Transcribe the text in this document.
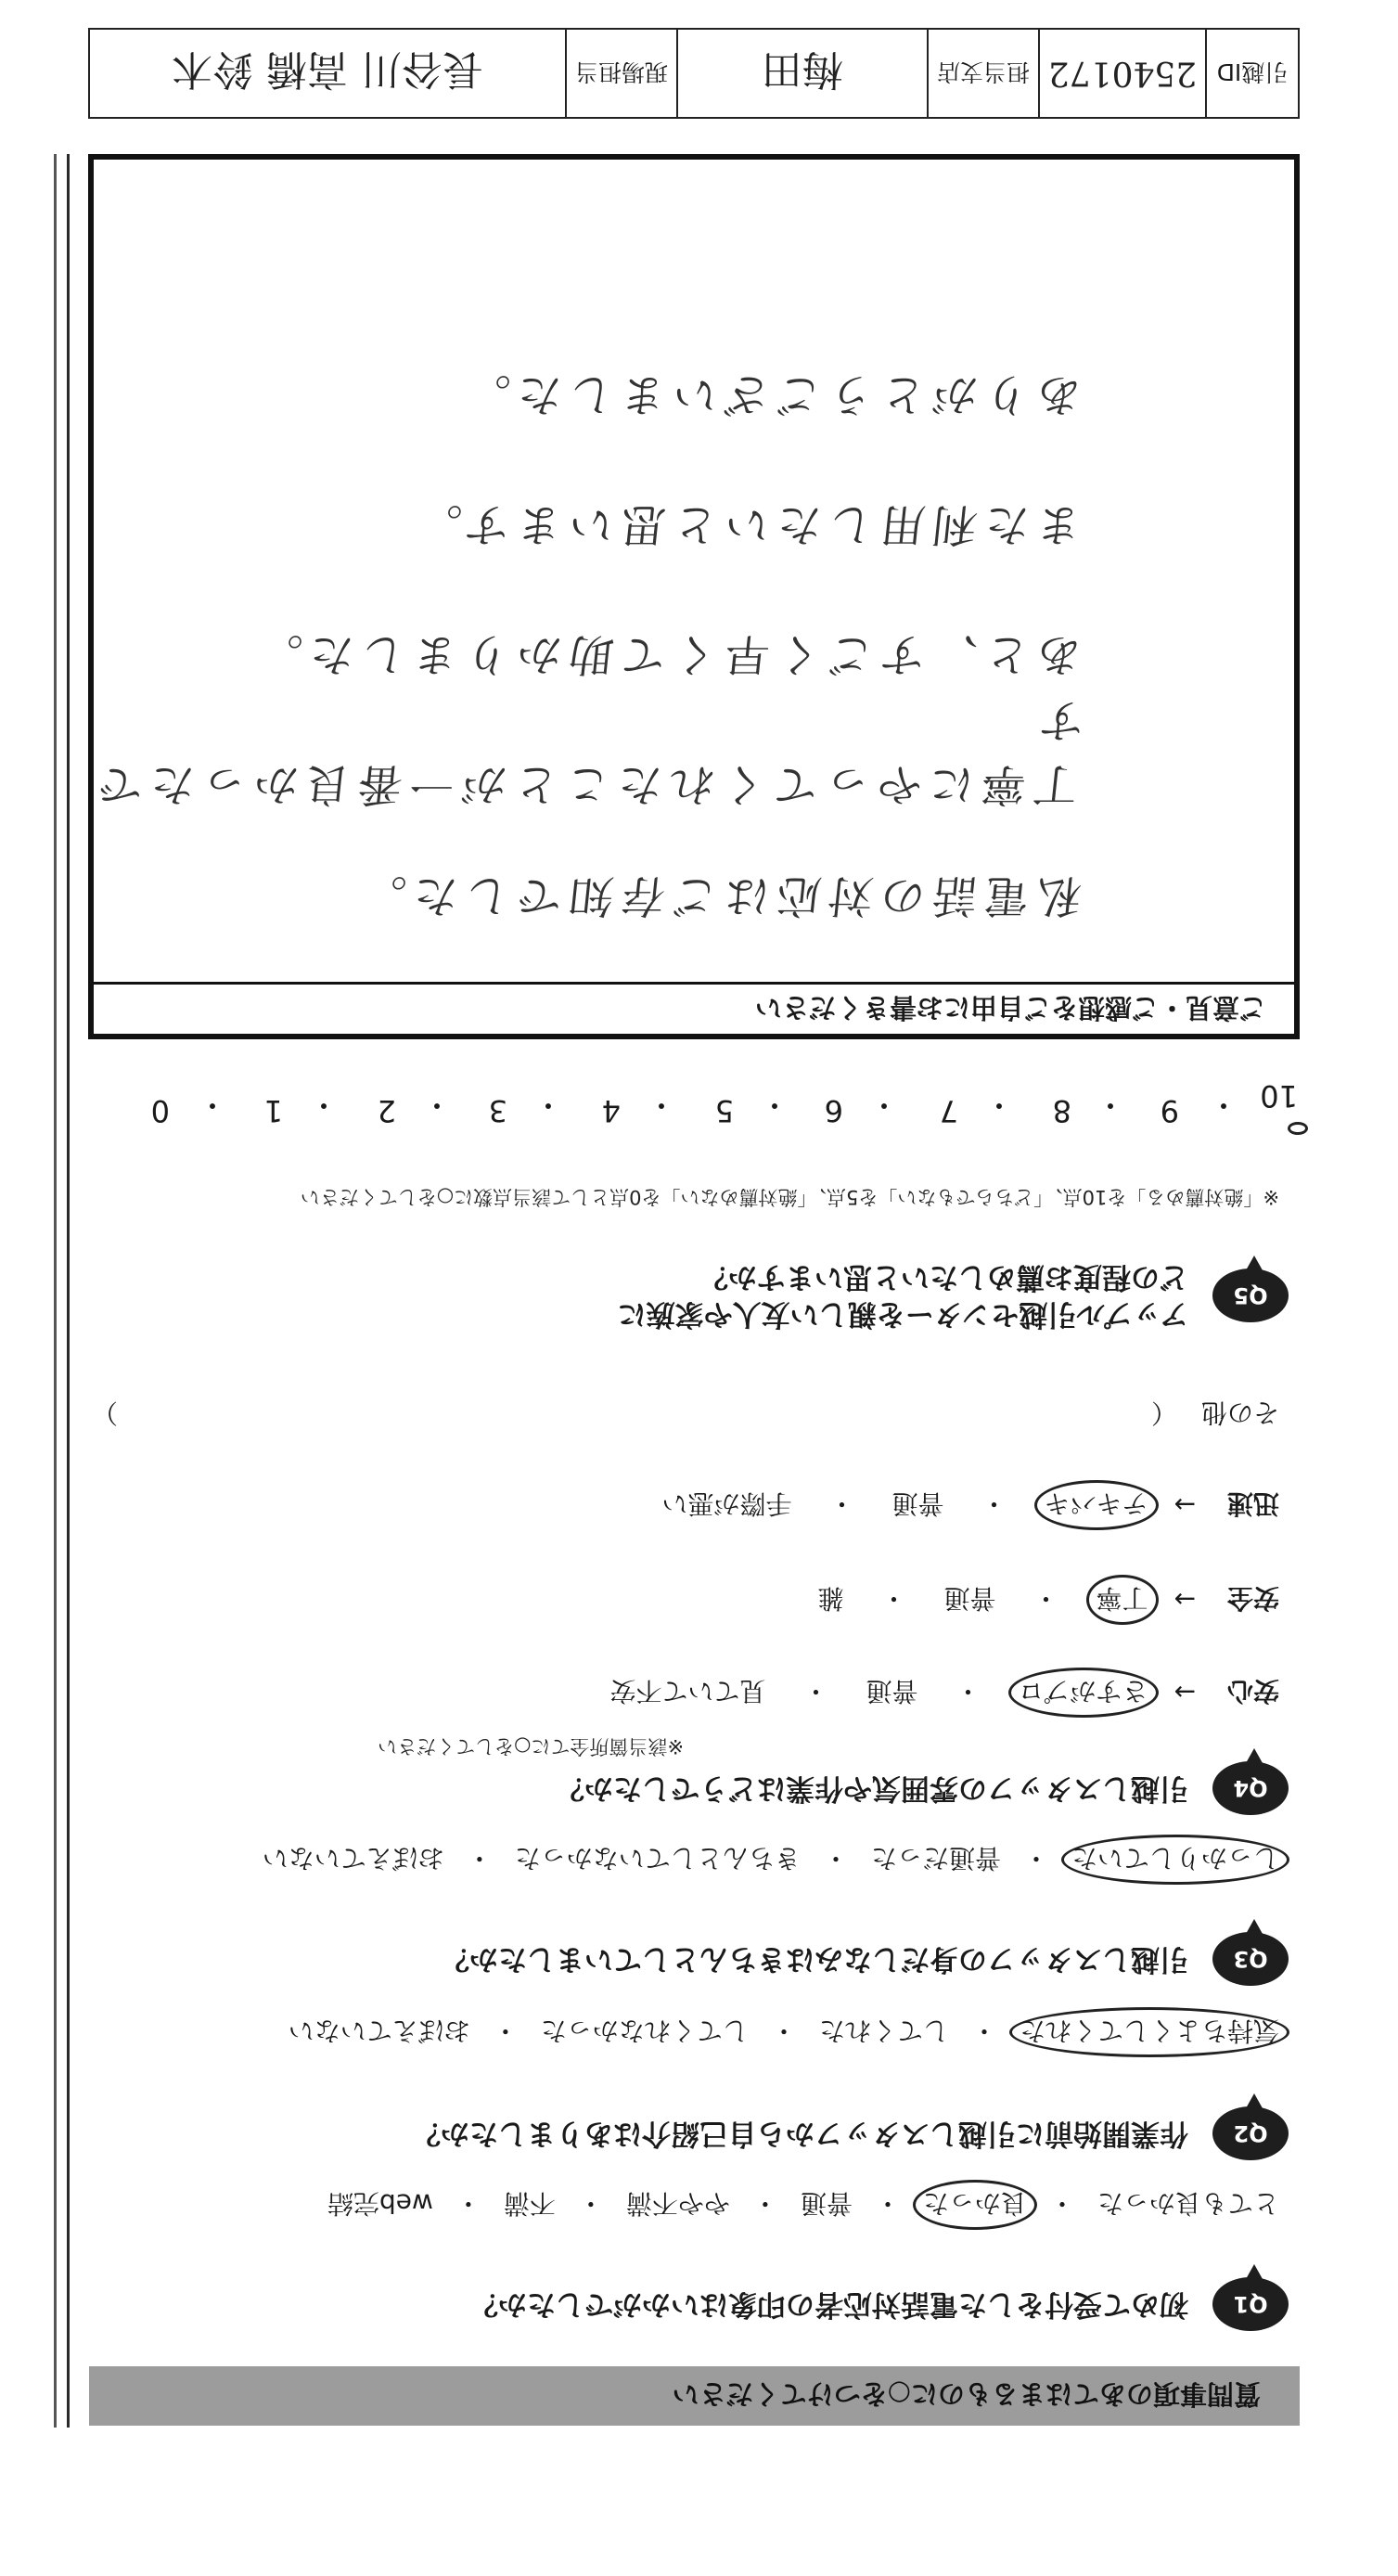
質問事項のあてはまるものに○をつけてください
Q1
初めて受付をした電話対応者の印象はいかがでしたか？
とても良かった
・
良かった
・
普通
・
やや不満
・
不満
・
web完結
Q2
作業開始前に引越しスタッフから自己紹介はありましたか？
気持ちよくしてくれた
・
してくれた
・
してくれなかった
・
おぼえていない
Q3
引越しスタッフの身だしなみはきちんとしていましたか？
しっかりしていた
・
普通だった
・
きちんとしていなかった
・
おぼえていない
Q4
引越しスタッフの雰囲気や作業はどうでしたか？
※該当箇所全てに○をしてください
安心
→
さすがプロ
・
普通
・
見ていて不安
安全
→
丁寧
・
普通
・
雑
迅速
→
テキパキ
・
普通
・
手際が悪い
その他
（
）
Q5
アップル引越センターを親しい友人や家族に
どの程度お薦めしたいと思いますか？
※「絶対薦める」を10点、「どちらでもない」を5点、「絶対薦めない」を0点として該当点数に○をしてください
10
・
9
・
8
・
7
・
6
・
5
・
4
・
3
・
2
・
1
・
0
ご意見・ご感想をご自由にお書きください
私電話の対応はご存知でした。
丁寧にやってくれたことが一番良かったです
あと、すごく早くて助かりました。
また利用したいと思います。
ありがとうございました。
引越ID
2540172
担当支店
梅田
現場担当
長谷川 高橋 鈴木
